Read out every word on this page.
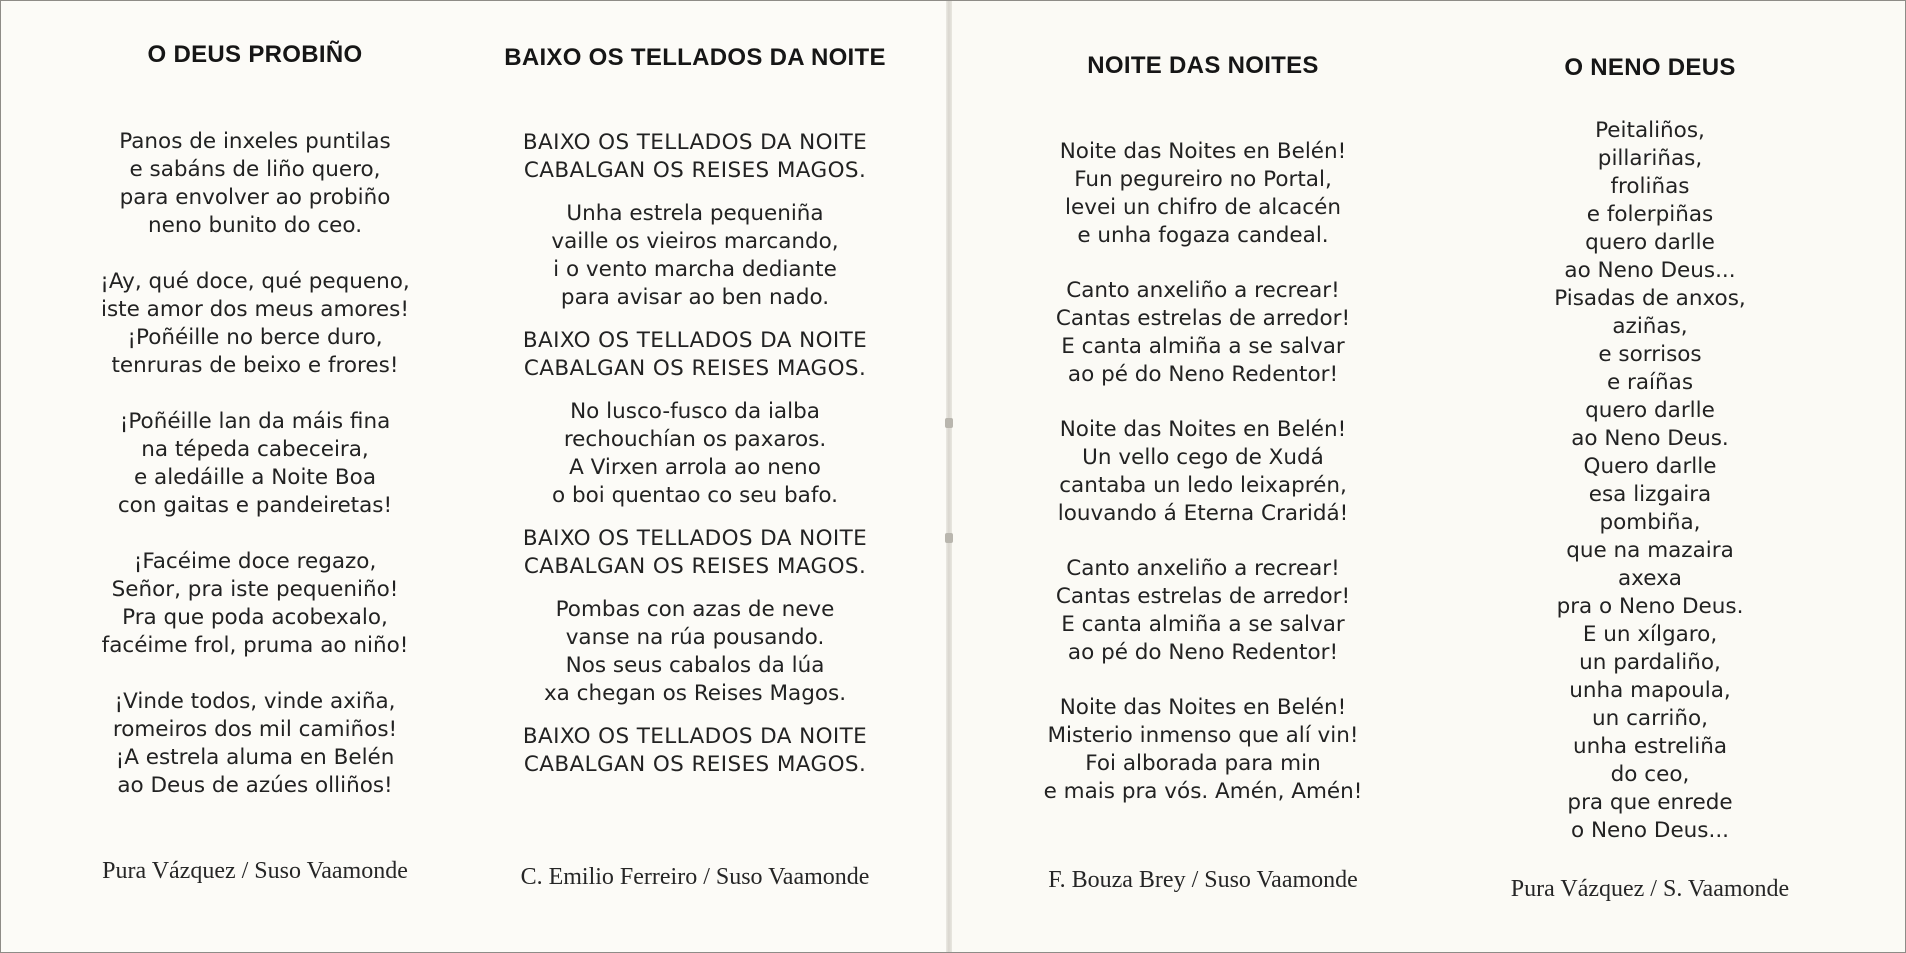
O DEUS PROBIÑO

Panos de inxeles puntilas
e sabáns de liño quero,
para envolver ao probiño
neno bunito do ceo.

¡Ay, qué doce, qué pequeno,
iste amor dos meus amores!
¡Poñéille no berce duro,
tenruras de beixo e frores!

¡Poñéille lan da máis fina
na tépeda cabeceira,
e aledáille a Noite Boa
con gaitas e pandeiretas!

¡Facéime doce regazo,
Señor, pra iste pequeniño!
Pra que poda acobexalo,
facéime frol, pruma ao niño!

¡Vinde todos, vinde axiña,
romeiros dos mil camiños!
¡A estrela aluma en Belén
ao Deus de azúes olliños!

Pura Vázquez / Suso Vaamonde
BAIXO OS TELLADOS DA NOITE

BAIXO OS TELLADOS DA NOITE
CABALGAN OS REISES MAGOS.

Unha estrela pequeniña
vaille os vieiros marcando,
i o vento marcha dediante
para avisar ao ben nado.

BAIXO OS TELLADOS DA NOITE
CABALGAN OS REISES MAGOS.

No lusco-fusco da ialba
rechouchían os paxaros.
A Virxen arrola ao neno
o boi quentao co seu bafo.

BAIXO OS TELLADOS DA NOITE
CABALGAN OS REISES MAGOS.

Pombas con azas de neve
vanse na rúa pousando.
Nos seus cabalos da lúa
xa chegan os Reises Magos.

BAIXO OS TELLADOS DA NOITE
CABALGAN OS REISES MAGOS.

C. Emilio Ferreiro / Suso Vaamonde
NOITE DAS NOITES

Noite das Noites en Belén!
Fun pegureiro no Portal,
levei un chifro de alcacén
e unha fogaza candeal.

Canto anxeliño a recrear!
Cantas estrelas de arredor!
E canta almiña a se salvar
ao pé do Neno Redentor!

Noite das Noites en Belén!
Un vello cego de Xudá
cantaba un ledo leixaprén,
louvando á Eterna Craridá!

Canto anxeliño a recrear!
Cantas estrelas de arredor!
E canta almiña a se salvar
ao pé do Neno Redentor!

Noite das Noites en Belén!
Misterio inmenso que alí vin!
Foi alborada para min
e mais pra vós. Amén, Amén!

F. Bouza Brey / Suso Vaamonde
O NENO DEUS

Peitaliños,
pillariñas,
froliñas
e folerpiñas
quero darlle
ao Neno Deus...
Pisadas de anxos,
aziñas,
e sorrisos
e raíñas
quero darlle
ao Neno Deus.
Quero darlle
esa lizgaira
pombiña,
que na mazaira
axexa
pra o Neno Deus.
E un xílgaro,
un pardaliño,
unha mapoula,
un carriño,
unha estreliña
do ceo,
pra que enrede
o Neno Deus...

Pura Vázquez / S. Vaamonde
